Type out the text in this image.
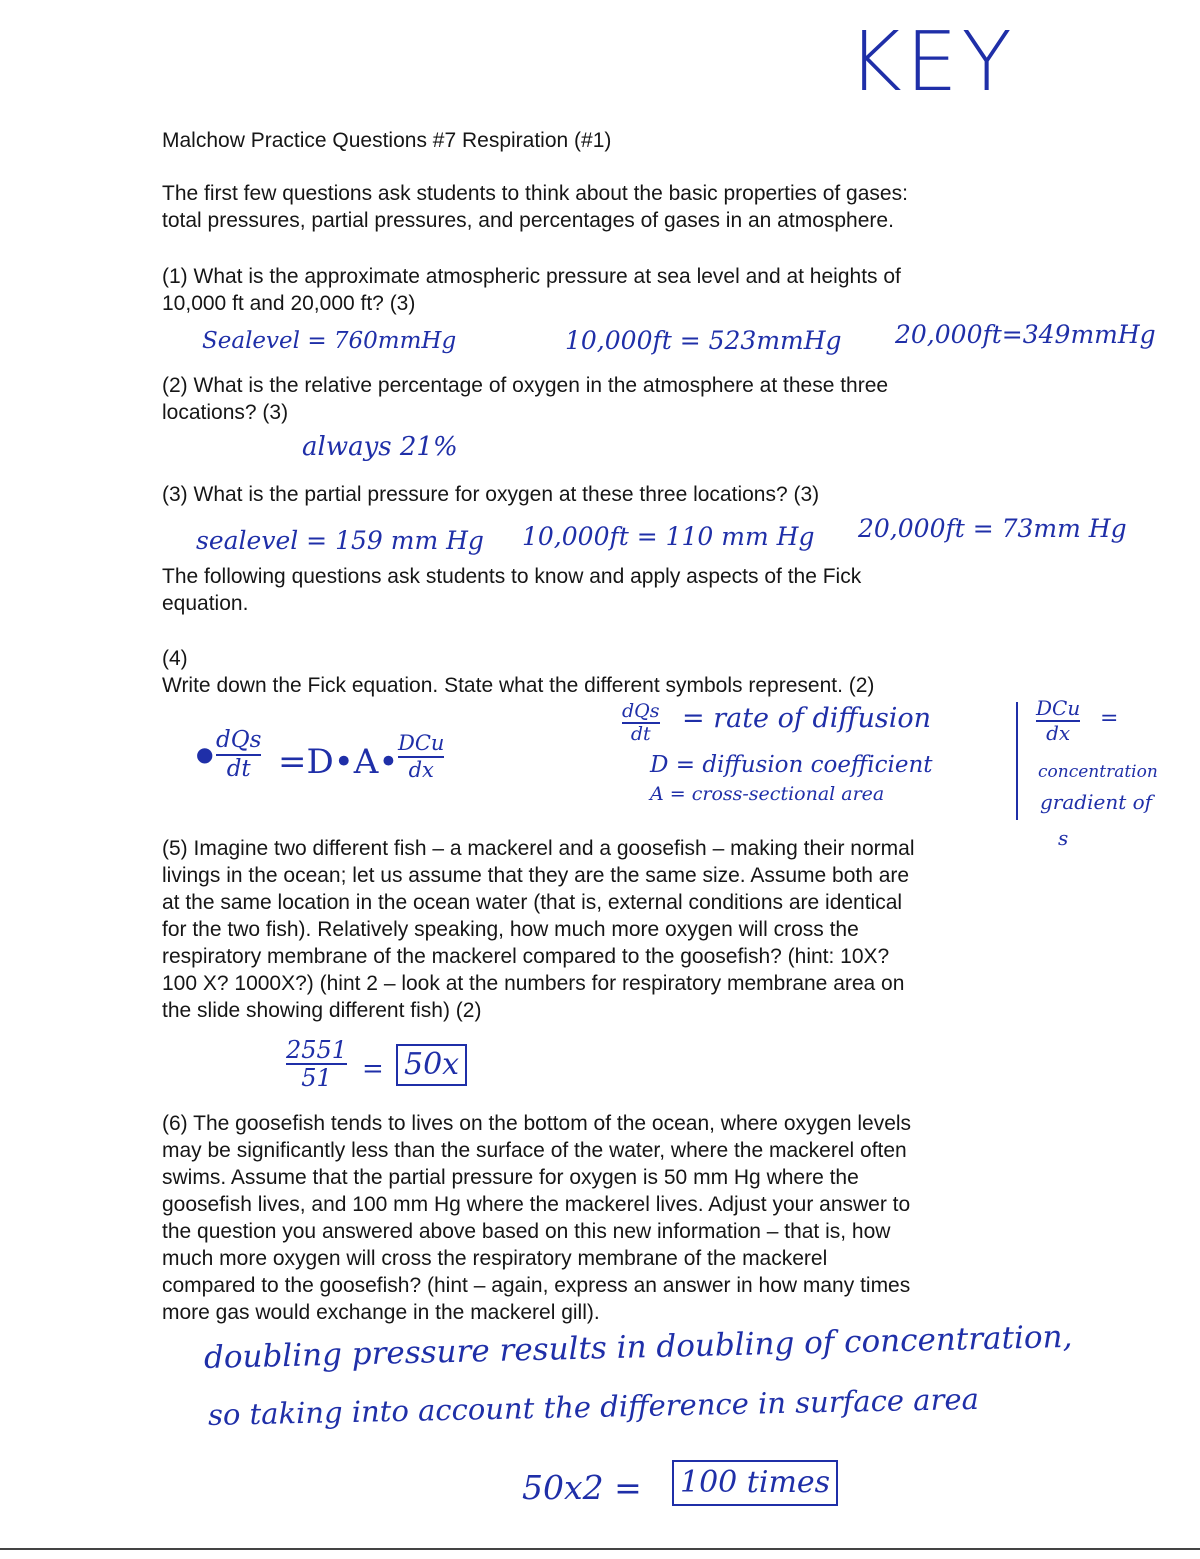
KEY
Malchow Practice Questions #7 Respiration (#1)
The first few questions ask students to think about the basic properties of gases:
total pressures, partial pressures, and percentages of gases in an atmosphere.
(1) What is the approximate atmospheric pressure at sea level and at heights of
10,000 ft and 20,000 ft? (3)
Sealevel = 760mmHg	10,000ft = 523mmHg 20,000ft=349mmHg
(2) What is the relative percentage of oxygen in the atmosphere at these three
locations? (3)
always 21%
(3) What is the partial pressure for oxygen at these three locations? (3)
sealevel = 159 mm Hg 10,000ft = 110 mm Hg 20,000ft = 73mm Hg
The following questions ask students to know and apply aspects of the Fick
equation.
(4)
Write down the Fick equation. State what the different symbols represent. (2)
●
dQs
dt =D•A• DCu
dx
dQs
dt	= rate of diffusion
D = diffusion coefficient
A = cross-sectional area
DCu
dx
=
concentration
gradient of
s
(5) Imagine two different fish – a mackerel and a goosefish – making their normal
livings in the ocean; let us assume that they are the same size. Assume both are
at the same location in the ocean water (that is, external conditions are identical
for the two fish). Relatively speaking, how much more oxygen will cross the
respiratory membrane of the mackerel compared to the goosefish? (hint: 10X?
100 X? 1000X?) (hint 2 – look at the numbers for respiratory membrane area on
the slide showing different fish) (2)
2551
51	= 50x
(6) The goosefish tends to lives on the bottom of the ocean, where oxygen levels
may be significantly less than the surface of the water, where the mackerel often
swims. Assume that the partial pressure for oxygen is 50 mm Hg where the
goosefish lives, and 100 mm Hg where the mackerel lives. Adjust your answer to
the question you answered above based on this new information – that is, how
much more oxygen will cross the respiratory membrane of the mackerel
compared to the goosefish? (hint – again, express an answer in how many times
more gas would exchange in the mackerel gill).
doubling pressure results in doubling of concentration,
so taking into account the difference in surface area
50x2 = 100 times
